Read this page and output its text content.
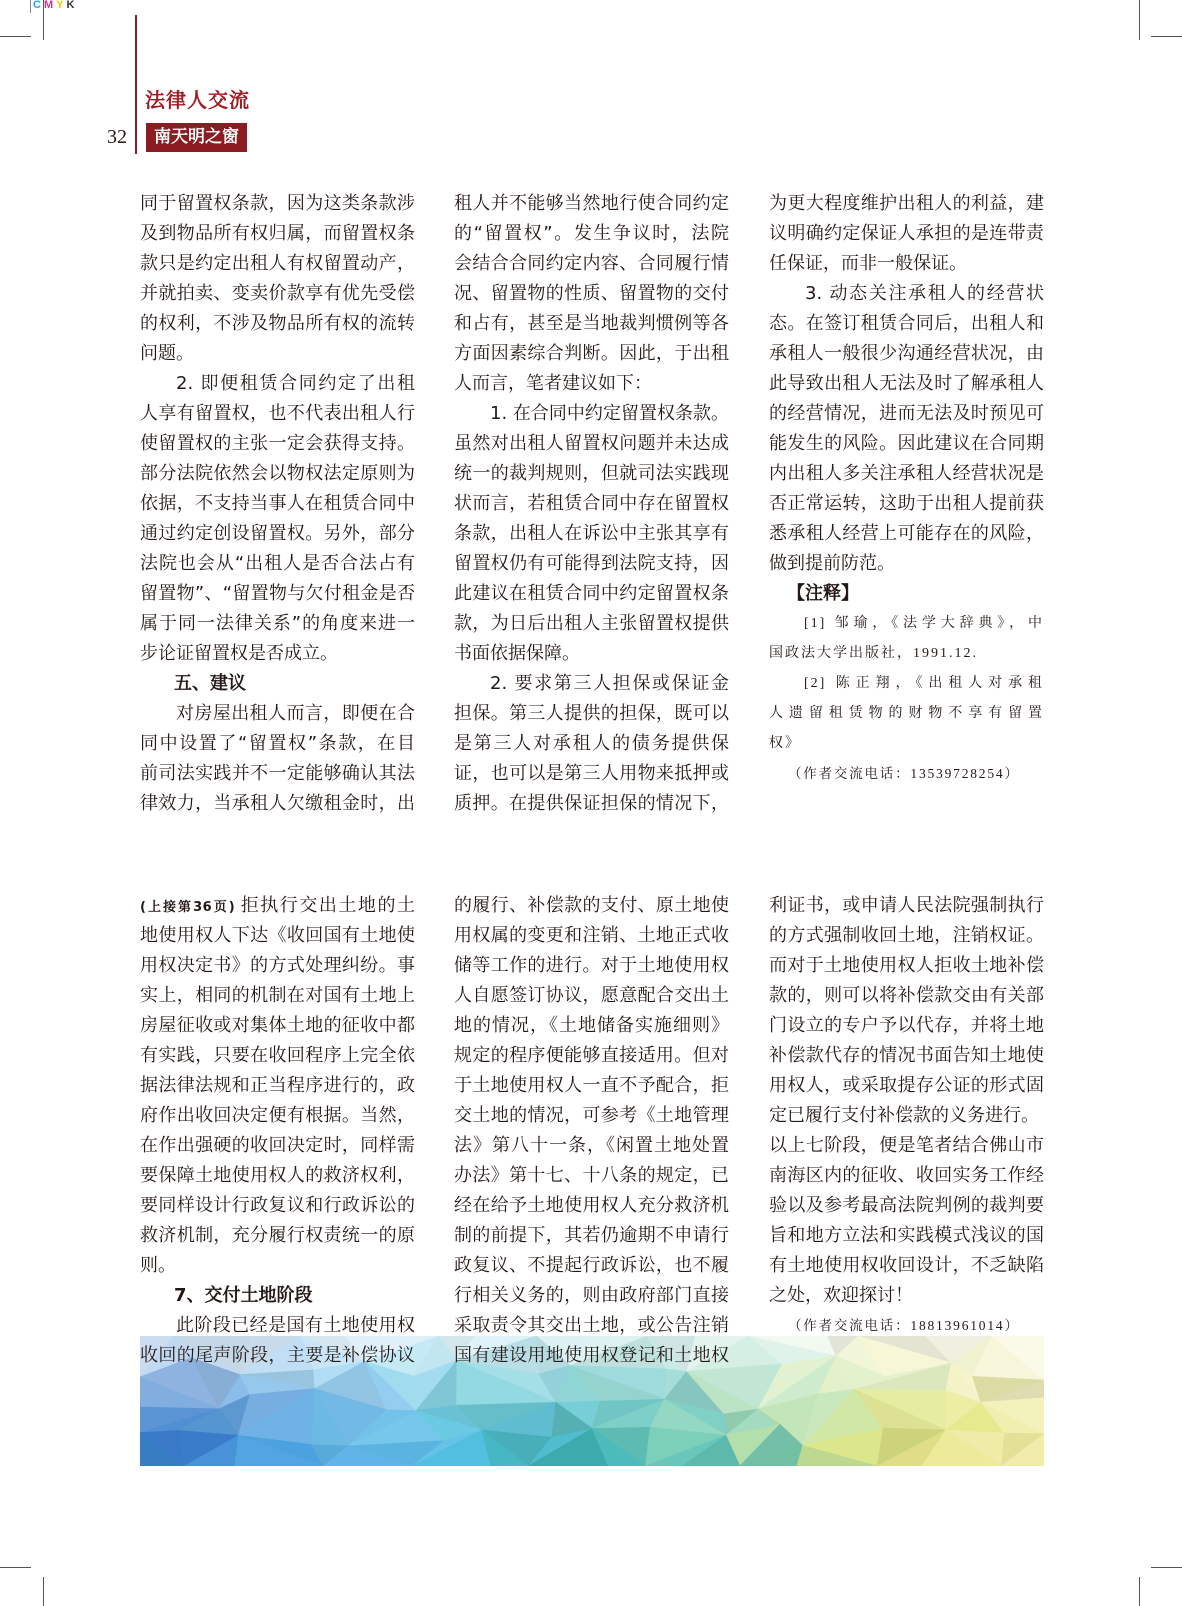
CMYK
法律人交流
32	南天明之窗
同于留置权条款，因为这类条款涉
及到物品所有权归属，而留置权条
款只是约定出租人有权留置动产，
并就拍卖、变卖价款享有优先受偿
的权利，不涉及物品所有权的流转
问题。
2. 即便租赁合同约定了出租
人享有留置权，也不代表出租人行
使留置权的主张一定会获得支持。
部分法院依然会以物权法定原则为
依据，不支持当事人在租赁合同中
通过约定创设留置权。另外，部分
法院也会从“出租人是否合法占有
留置物”、“留置物与欠付租金是否
属于同一法律关系”的角度来进一
步论证留置权是否成立。
五、建议
对房屋出租人而言，即便在合
同中设置了“留置权”条款，在目
前司法实践并不一定能够确认其法
律效力，当承租人欠缴租金时，出
租人并不能够当然地行使合同约定
的“留置权”。发生争议时，法院
会结合合同约定内容、合同履行情
况、留置物的性质、留置物的交付
和占有，甚至是当地裁判惯例等各
方面因素综合判断。因此，于出租
人而言，笔者建议如下：
1. 在合同中约定留置权条款。
虽然对出租人留置权问题并未达成
统一的裁判规则，但就司法实践现
状而言，若租赁合同中存在留置权
条款，出租人在诉讼中主张其享有
留置权仍有可能得到法院支持，因
此建议在租赁合同中约定留置权条
款，为日后出租人主张留置权提供
书面依据保障。
2. 要求第三人担保或保证金
担保。第三人提供的担保，既可以
是第三人对承租人的债务提供保
证，也可以是第三人用物来抵押或
质押。在提供保证担保的情况下，
为更大程度维护出租人的利益，建
议明确约定保证人承担的是连带责
任保证，而非一般保证。
3. 动态关注承租人的经营状
态。在签订租赁合同后，出租人和
承租人一般很少沟通经营状况，由
此导致出租人无法及时了解承租人
的经营情况，进而无法及时预见可
能发生的风险。因此建议在合同期
内出租人多关注承租人经营状况是
否正常运转，这助于出租人提前获
悉承租人经营上可能存在的风险，
做到提前防范。
【注释】
[1] 邹瑜，《法学大辞典》，中
国政法大学出版社，1991.12.
[2] 陈正翔，《出租人对承租
人遗留租赁物的财物不享有留置
权》
（作者交流电话：13539728254）
(上接第36页) 拒执行交出土地的土
地使用权人下达《收回国有土地使
用权决定书》的方式处理纠纷。事
实上，相同的机制在对国有土地上
房屋征收或对集体土地的征收中都
有实践，只要在收回程序上完全依
据法律法规和正当程序进行的，政
府作出收回决定便有根据。当然，
在作出强硬的收回决定时，同样需
要保障土地使用权人的救济权利，
要同样设计行政复议和行政诉讼的
救济机制，充分履行权责统一的原
则。
7、交付土地阶段
此阶段已经是国有土地使用权
收回的尾声阶段，主要是补偿协议
的履行、补偿款的支付、原土地使
用权属的变更和注销、土地正式收
储等工作的进行。对于土地使用权
人自愿签订协议，愿意配合交出土
地的情况，《土地储备实施细则》
规定的程序便能够直接适用。但对
于土地使用权人一直不予配合，拒
交土地的情况，可参考《土地管理
法》第八十一条，《闲置土地处置
办法》第十七、十八条的规定，已
经在给予土地使用权人充分救济机
制的前提下，其若仍逾期不申请行
政复议、不提起行政诉讼，也不履
行相关义务的，则由政府部门直接
采取责令其交出土地，或公告注销
国有建设用地使用权登记和土地权
利证书，或申请人民法院强制执行
的方式强制收回土地，注销权证。
而对于土地使用权人拒收土地补偿
款的，则可以将补偿款交由有关部
门设立的专户予以代存，并将土地
补偿款代存的情况书面告知土地使
用权人，或采取提存公证的形式固
定已履行支付补偿款的义务进行。
以上七阶段，便是笔者结合佛山市
南海区内的征收、收回实务工作经
验以及参考最高法院判例的裁判要
旨和地方立法和实践模式浅议的国
有土地使用权收回设计，不乏缺陷
之处，欢迎探讨！
（作者交流电话：18813961014）
